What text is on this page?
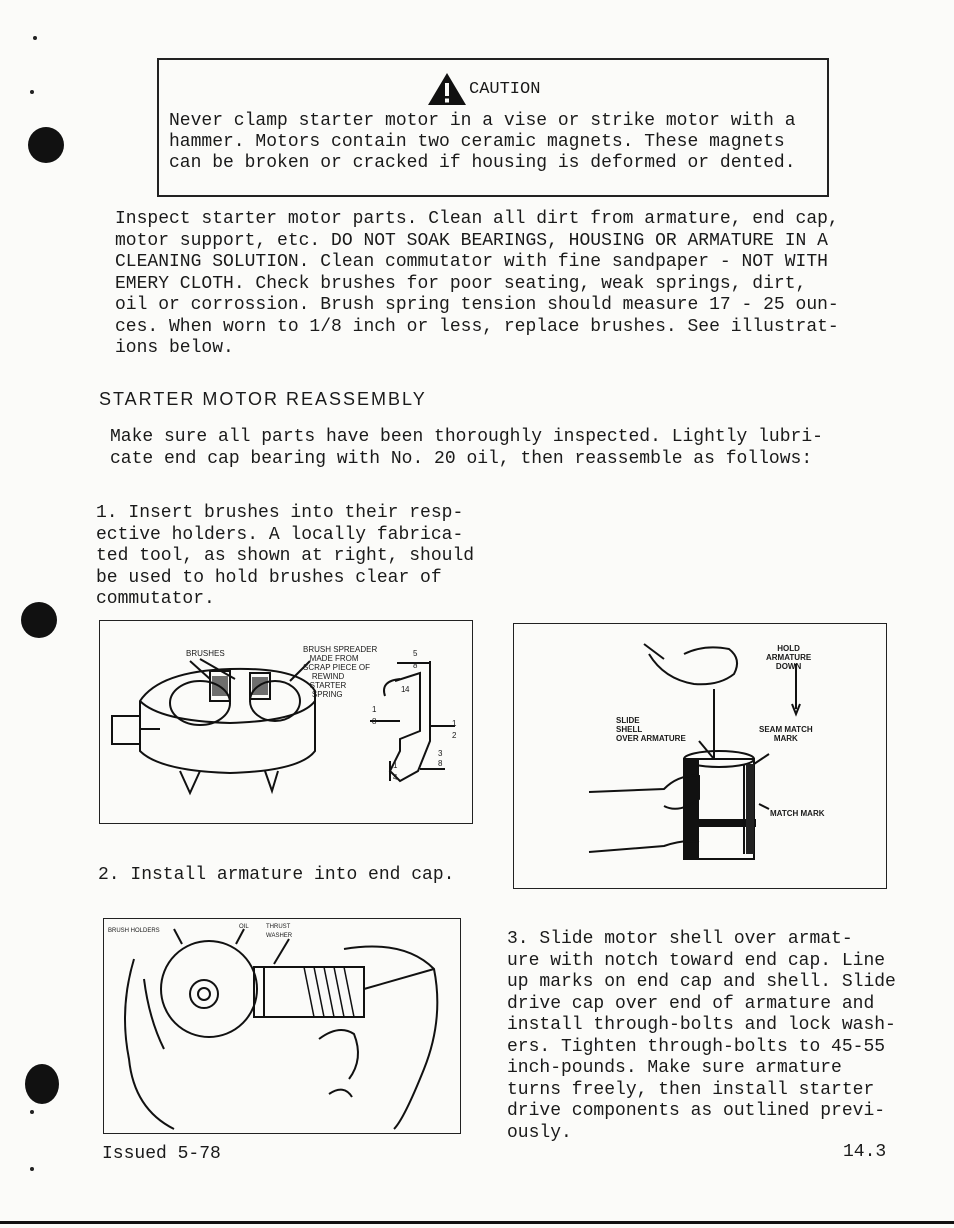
CAUTION
Never clamp starter motor in a vise or strike motor with a
hammer. Motors contain two ceramic magnets. These magnets
can be broken or cracked if housing is deformed or dented.
Inspect starter motor parts. Clean all dirt from armature, end cap,
motor support, etc. DO NOT SOAK BEARINGS, HOUSING OR ARMATURE IN A
CLEANING SOLUTION. Clean commutator with fine sandpaper - NOT WITH
EMERY CLOTH. Check brushes for poor seating, weak springs, dirt,
oil or corrossion. Brush spring tension should measure 17 - 25 oun-
ces. When worn to 1/8 inch or less, replace brushes. See illustrat-
ions below.
STARTER MOTOR REASSEMBLY
Make sure all parts have been thoroughly inspected. Lightly lubri-
cate end cap bearing with No. 20 oil, then reassemble as follows:
1. Insert brushes into their resp-
ective holders. A locally fabrica-
ted tool, as shown at right, should
be used to hold brushes clear of
commutator.
BRUSHES	BRUSH SPREADER
MADE FROM
SCRAP PIECE OF
REWIND
STARTER
SPRING
5
8
1 4
1
8	1
2
3
8
1
4
2. Install armature into end cap.
HOLD
ARMATURE
DOWN
SLIDE
SHELL
OVER ARMATURE
SEAM MATCH
MARK
MATCH MARK
BRUSH HOLDERS
OIL	THRUST
WASHER	3. Slide motor shell over armat-
ure with notch toward end cap. Line
up marks on end cap and shell. Slide
drive cap over end of armature and
install through-bolts and lock wash-
ers. Tighten through-bolts to 45-55
inch-pounds. Make sure armature
turns freely, then install starter
drive components as outlined previ-
ously.
Issued 5-78	14.3
